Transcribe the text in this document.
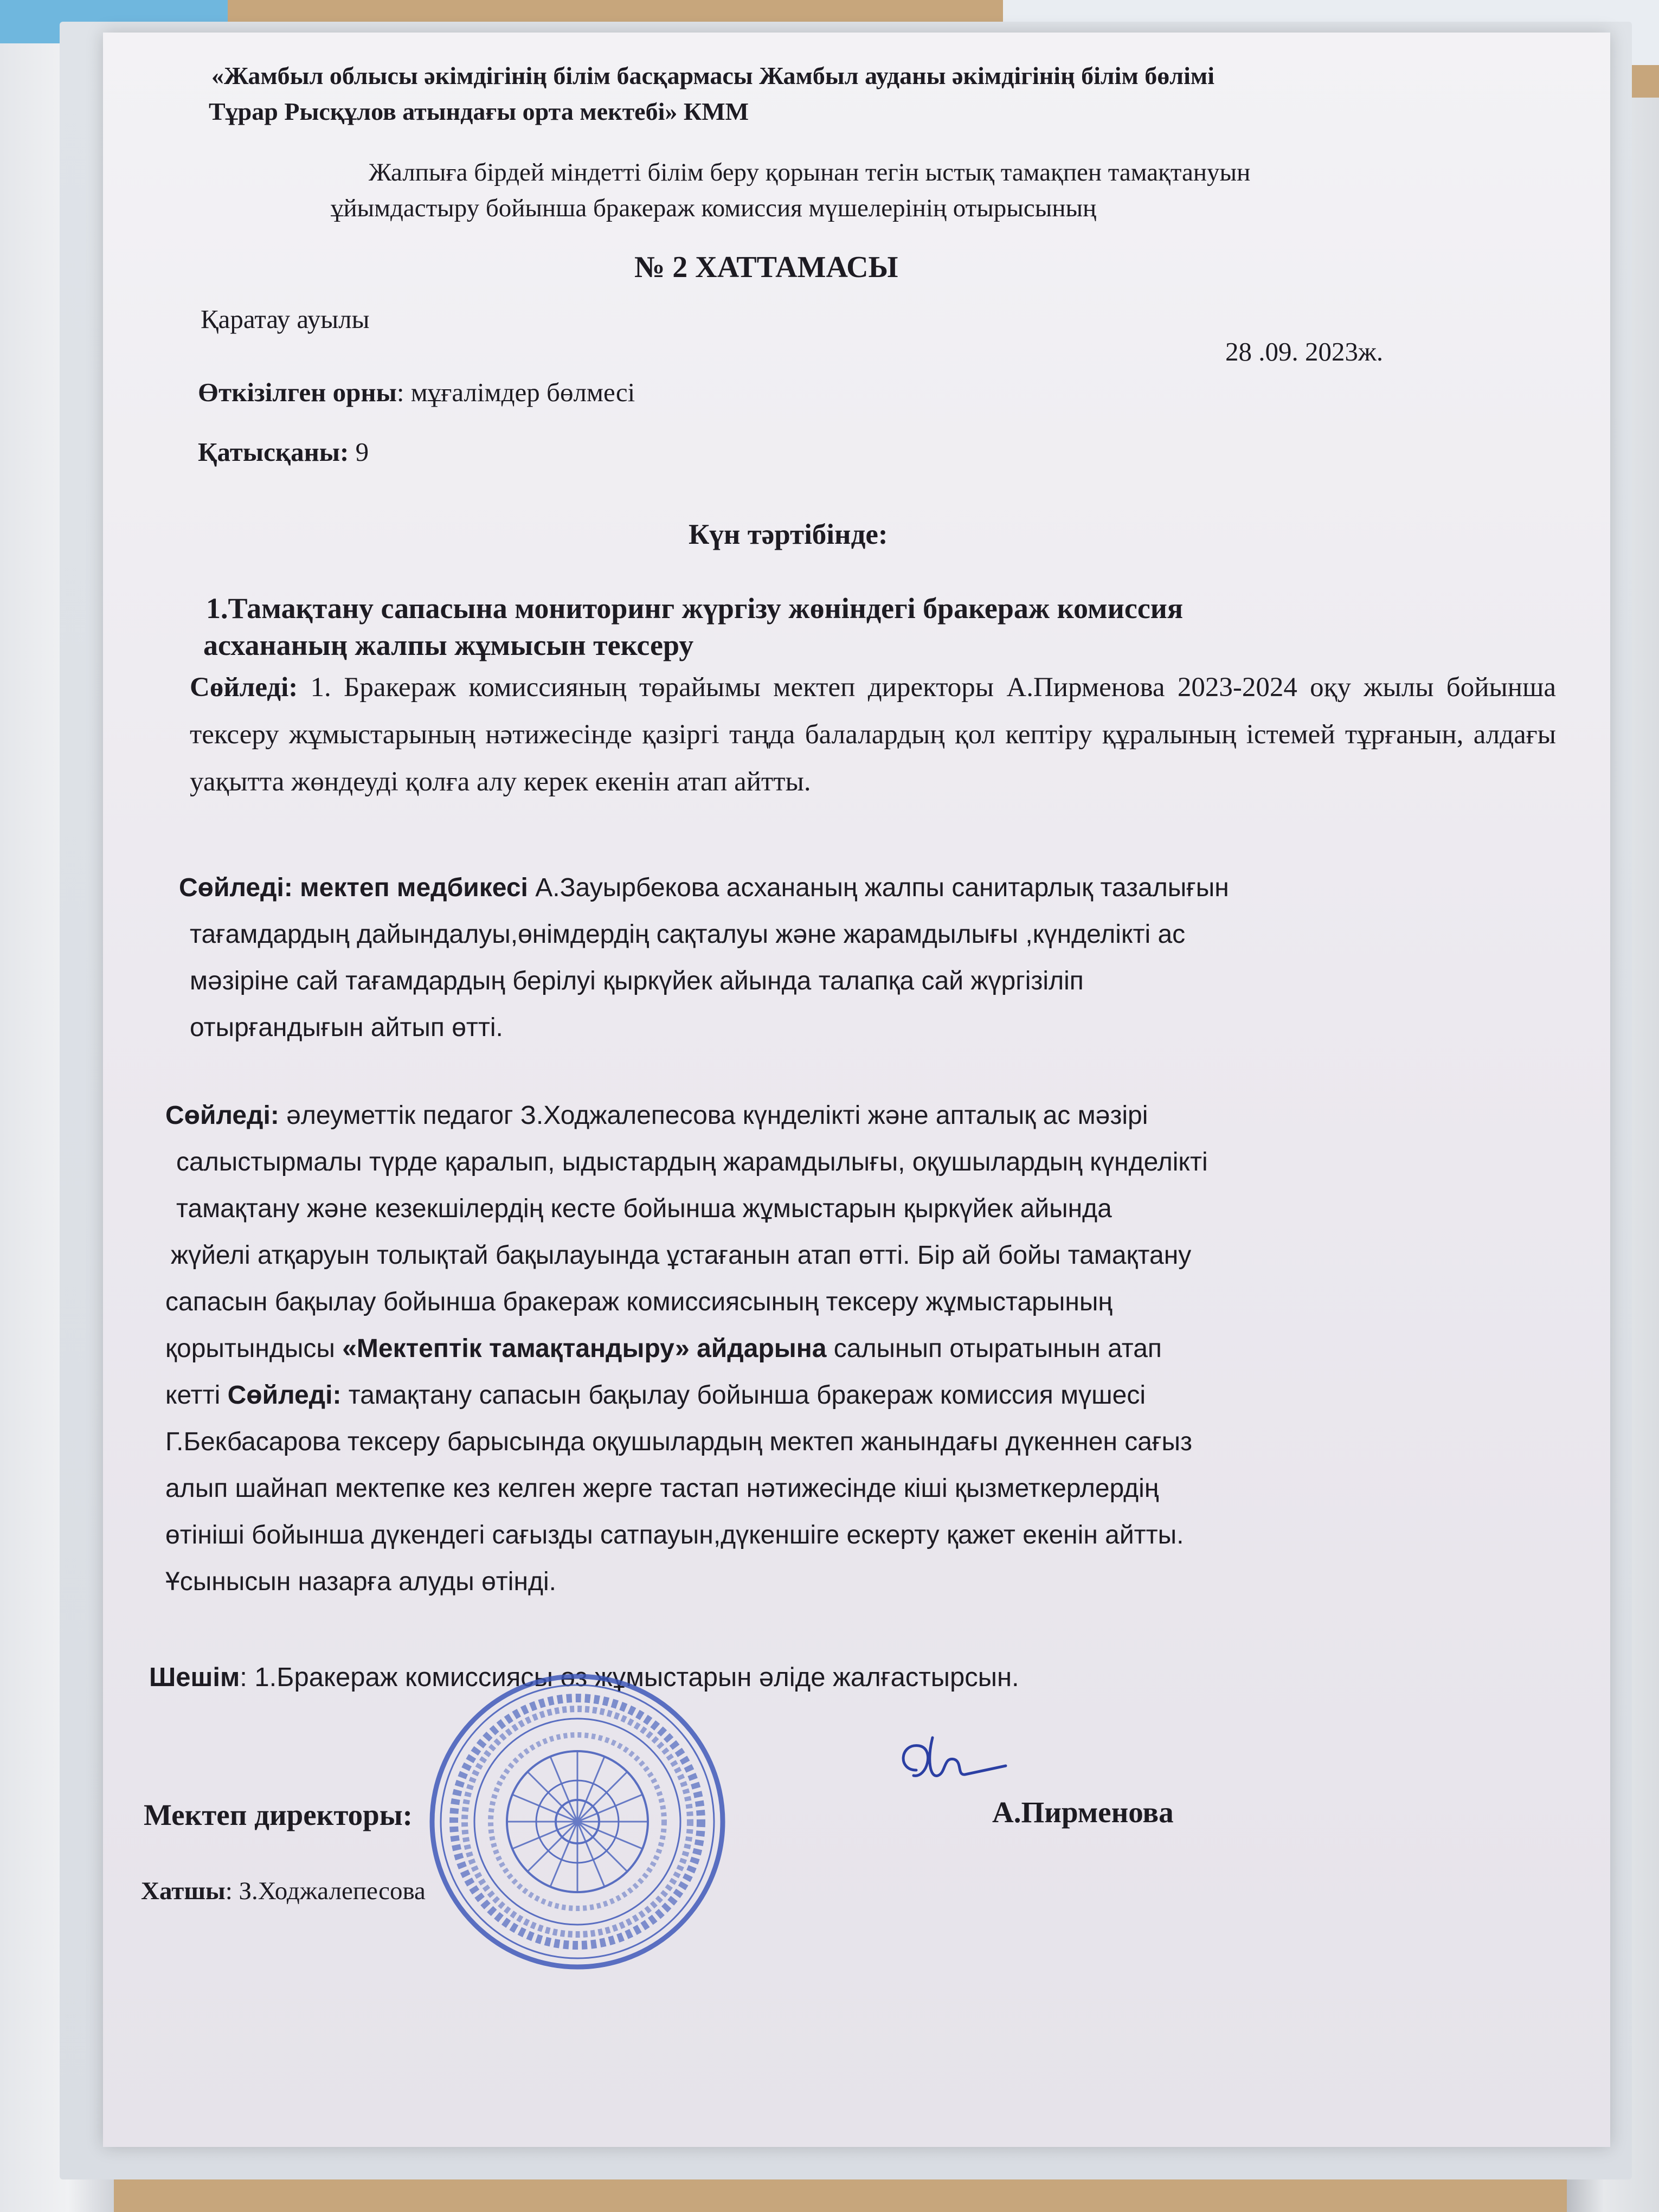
«Жамбыл облысы әкімдігінің білім басқармасы Жамбыл ауданы әкімдігінің білім бөлімі

Тұрар Рысқұлов атындағы орта мектебі» КММ

Жалпыға бірдей міндетті білім беру қорынан тегін ыстық тамақпен тамақтануын

ұйымдастыру бойынша бракераж комиссия мүшелерінің отырысының

№ 2 ХАТТАМАСЫ

Қаратау ауылы

28 .09. 2023ж.

Өткізілген орны: мұғалімдер бөлмесі

Қатысқаны: 9

Күн тәртібінде:

1.Тамақтану сапасына мониторинг жүргізу жөніндегі бракераж комиссия

асхананың жалпы жұмысын тексеру

Сөйледі: 1. Бракераж комиссияның төрайымы мектеп директоры А.Пирменова 2023-2024 оқу жылы бойынша тексеру жұмыстарының нәтижесінде қазіргі таңда балалардың қол кептіру құралының істемей тұрғанын, алдағы уақытта жөндеуді қолға алу керек екенін атап айтты.

Сөйледі: мектеп медбикесі А.Зауырбекова асхананың жалпы санитарлық тазалығын
тағамдардың дайындалуы,өнімдердің сақталуы және жарамдылығы ,күнделікті ас
мәзіріне сай тағамдардың берілуі қыркүйек айында талапқа сай жүргізіліп
отырғандығын айтып өтті.
Сөйледі: әлеуметтік педагог З.Ходжалепесова күнделікті және апталық ас мәзірі
салыстырмалы түрде қаралып, ыдыстардың жарамдылығы, оқушылардың күнделікті
тамақтану және кезекшілердің кесте бойынша жұмыстарын қыркүйек айында
жүйелі атқаруын толықтай бақылауында ұстағанын атап өтті. Бір ай бойы тамақтану
сапасын бақылау бойынша бракераж комиссиясының тексеру жұмыстарының
қорытындысы «Мектептік тамақтандыру» айдарына салынып отыратынын атап
кетті Сөйледі: тамақтану сапасын бақылау бойынша бракераж комиссия мүшесі
Г.Бекбасарова тексеру барысында оқушылардың мектеп жанындағы дүкеннен сағыз
алып шайнап мектепке кез келген жерге тастап нәтижесінде кіші қызметкерлердің
өтініші бойынша дүкендегі сағызды сатпауын,дүкеншіге ескерту қажет екенін айтты.
Ұсынысын назарға алуды өтінді.

Шешім: 1.Бракераж комиссиясы өз жұмыстарын әліде жалғастырсын.

Мектеп директоры:	А.Пирменова

Хатшы: З.Ходжалепесова
